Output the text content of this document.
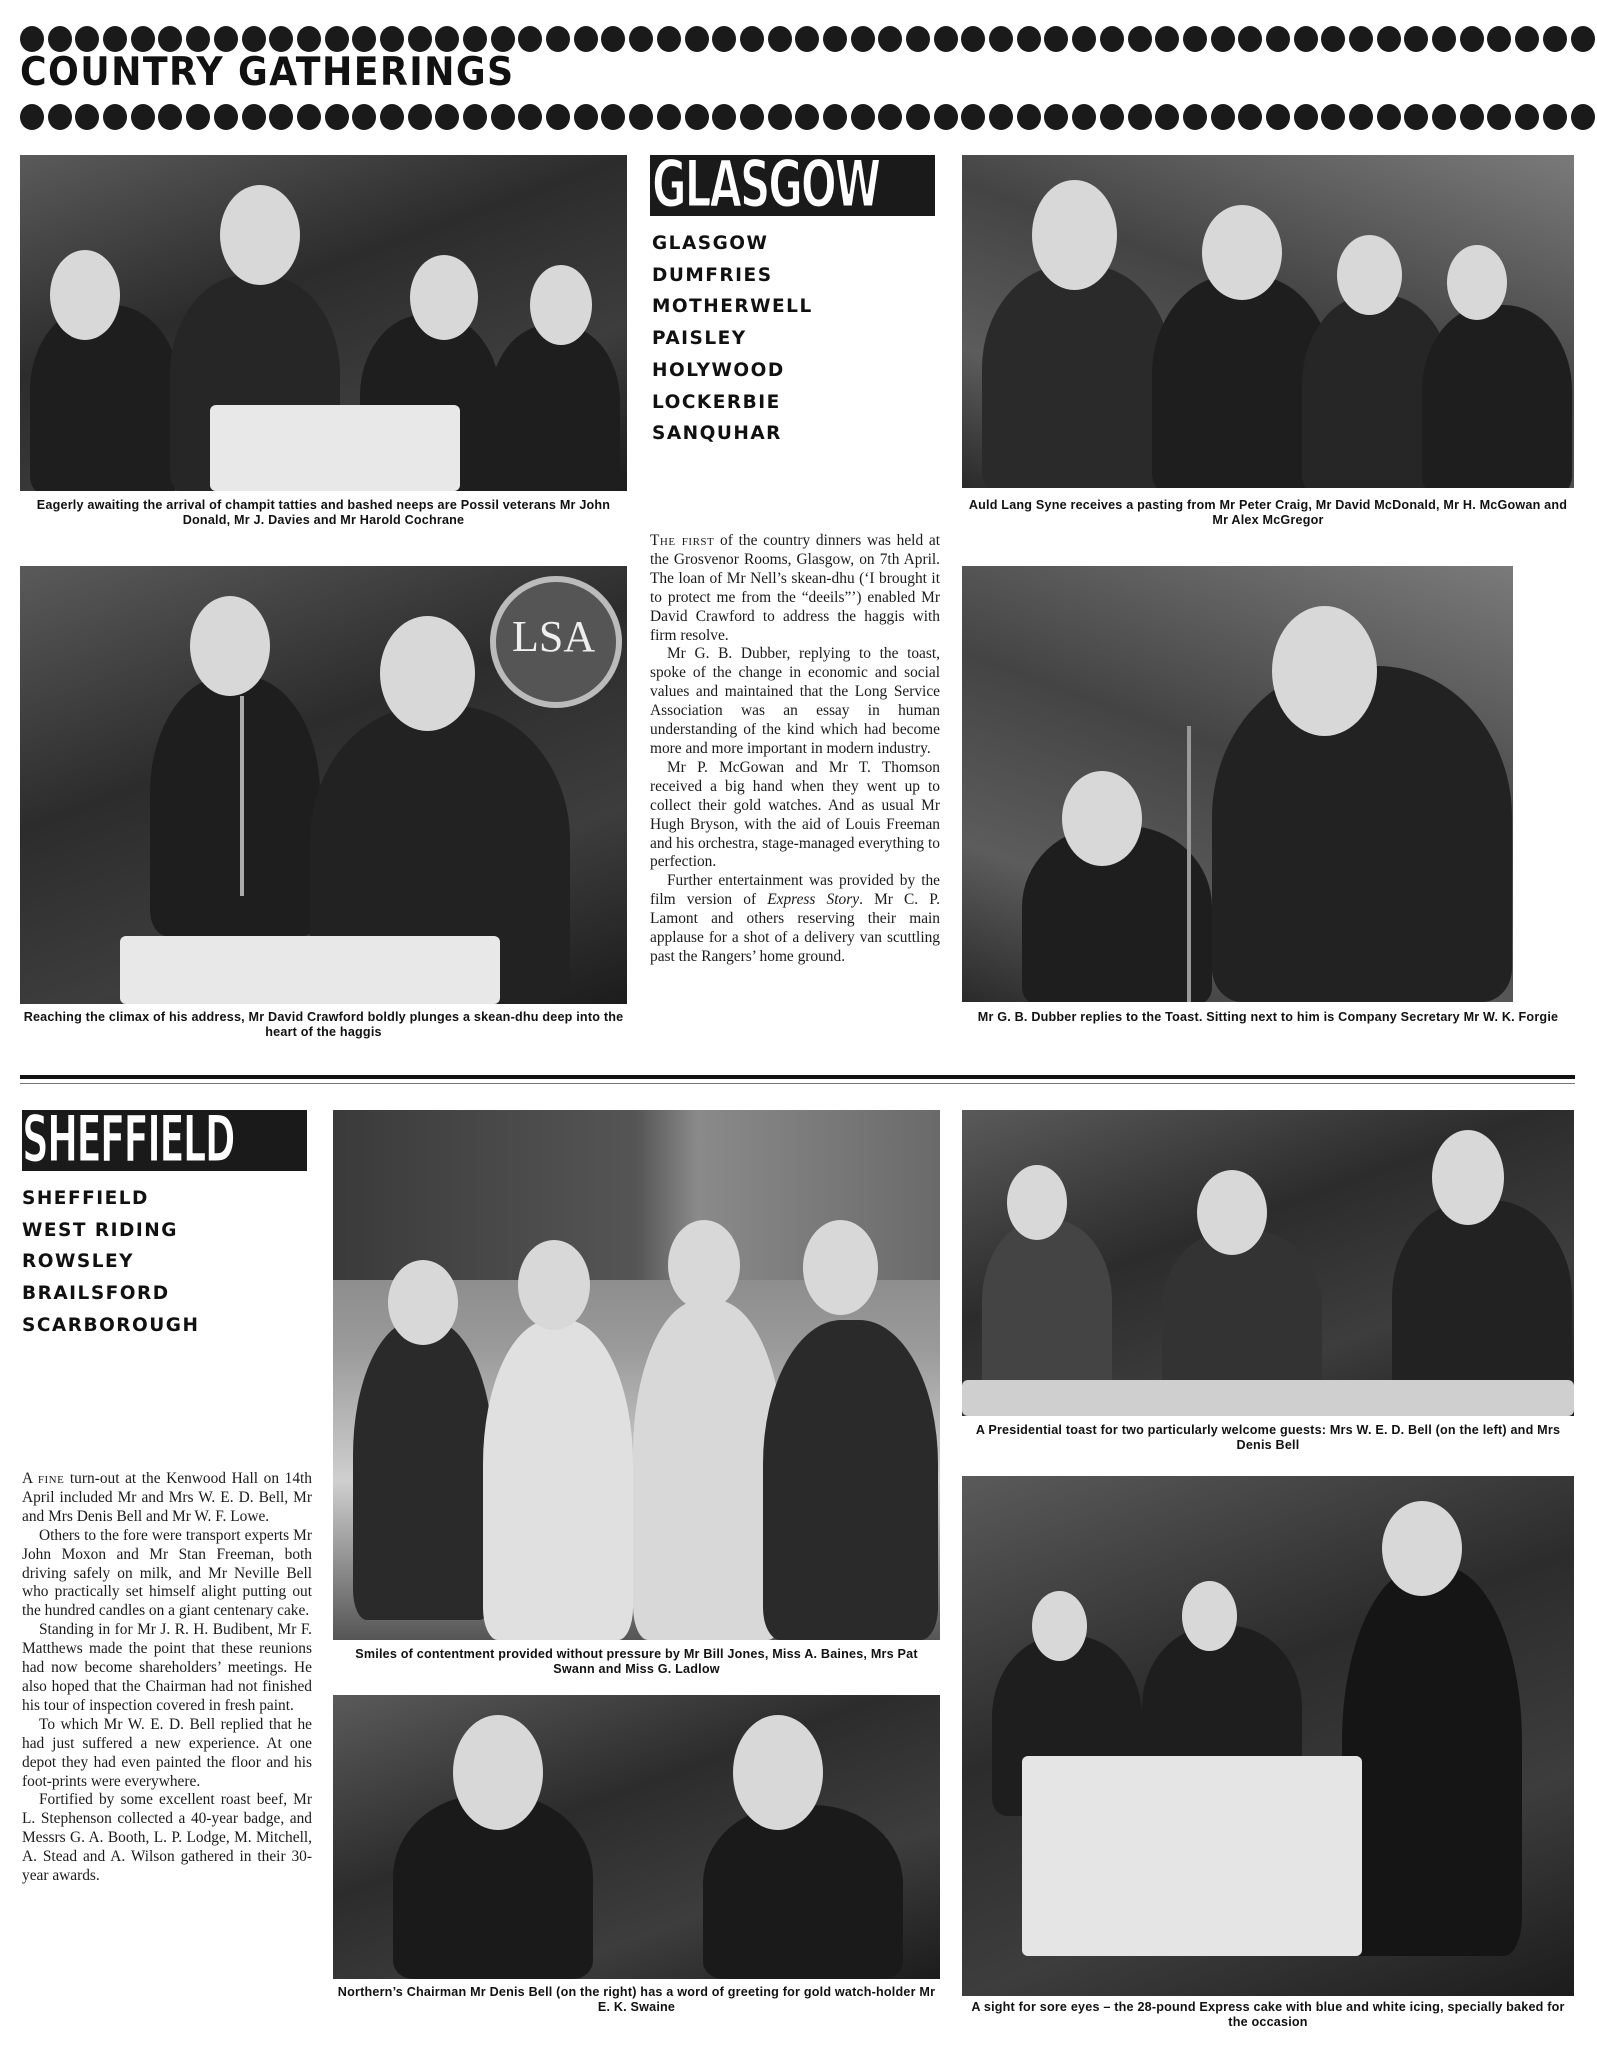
COUNTRY GATHERINGS
Eagerly awaiting the arrival of champit tatties and bashed neeps are Possil veterans Mr John Donald, Mr J. Davies and Mr Harold Cochrane
GLASGOW
GLASGOW
DUMFRIES
MOTHERWELL
PAISLEY
HOLYWOOD
LOCKERBIE
SANQUHAR
Auld Lang Syne receives a pasting from Mr Peter Craig, Mr David McDonald, Mr H. McGowan and Mr Alex McGregor
LSA
Reaching the climax of his address, Mr David Crawford boldly plunges a skean-dhu deep into the heart of the haggis

The first of the country dinners was held at the Grosvenor Rooms, Glasgow, on 7th April. The loan of Mr Nell’s skean-dhu (‘I brought it to protect me from the “deeils”’) enabled Mr David Crawford to address the haggis with firm resolve.

Mr G. B. Dubber, replying to the toast, spoke of the change in economic and social values and maintained that the Long Service Association was an essay in human understanding of the kind which had become more and more important in modern industry.

Mr P. McGowan and Mr T. Thomson received a big hand when they went up to collect their gold watches. And as usual Mr Hugh Bryson, with the aid of Louis Freeman and his orchestra, stage-managed everything to perfection.

Further entertainment was provided by the film version of Express Story. Mr C. P. Lamont and others reserving their main applause for a shot of a delivery van scuttling past the Rangers’ home ground.

Mr G. B. Dubber replies to the Toast. Sitting next to him is Company Secretary Mr W. K. Forgie
SHEFFIELD
SHEFFIELD
WEST RIDING
ROWSLEY
BRAILSFORD
SCARBOROUGH

A fine turn-out at the Kenwood Hall on 14th April included Mr and Mrs W. E. D. Bell, Mr and Mrs Denis Bell and Mr W. F. Lowe.

Others to the fore were transport experts Mr John Moxon and Mr Stan Freeman, both driving safely on milk, and Mr Neville Bell who practically set himself alight putting out the hundred candles on a giant centenary cake.

Standing in for Mr J. R. H. Budibent, Mr F. Matthews made the point that these reunions had now become shareholders’ meetings. He also hoped that the Chairman had not finished his tour of inspection covered in fresh paint.

To which Mr W. E. D. Bell replied that he had just suffered a new experience. At one depot they had even painted the floor and his foot-prints were everywhere.

Fortified by some excellent roast beef, Mr L. Stephenson collected a 40-year badge, and Messrs G. A. Booth, L. P. Lodge, M. Mitchell, A. Stead and A. Wilson gathered in their 30-year awards.

Smiles of contentment provided without pressure by Mr Bill Jones, Miss A. Baines, Mrs Pat Swann and Miss G. Ladlow
Northern’s Chairman Mr Denis Bell (on the right) has a word of greeting for gold watch-holder Mr E. K. Swaine
A Presidential toast for two particularly welcome guests: Mrs W. E. D. Bell (on the left) and Mrs Denis Bell
A sight for sore eyes – the 28-pound Express cake with blue and white icing, specially baked for the occasion
